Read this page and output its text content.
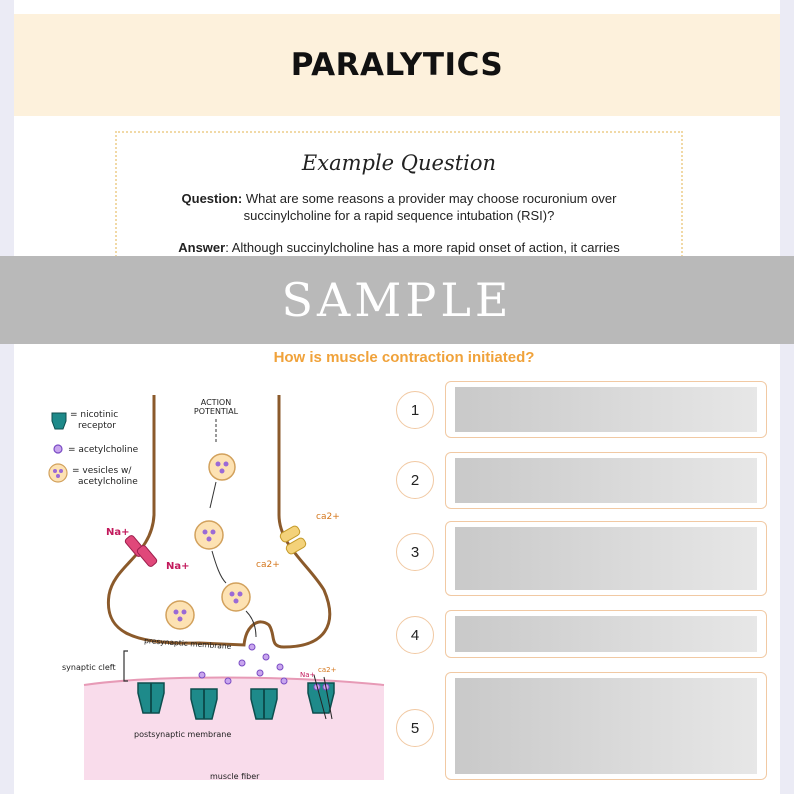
PARALYTICS
Example Question
Question: What are some reasons a provider may choose rocuronium over succinylcholine for a rapid sequence intubation (RSI)?
Answer: Although succinylcholine has a more rapid onset of action, it carries
How is muscle contraction initiated?
= nicotinic
receptor
= acetylcholine
= vesicles w/
acetylcholine
ACTION
POTENTIAL
Na+
Na+
ca2+
ca2+
presynaptic membrane
synaptic cleft
Na+
ca2+
postsynaptic membrane
muscle fiber
1
2
3
4
5
SAMPLE
